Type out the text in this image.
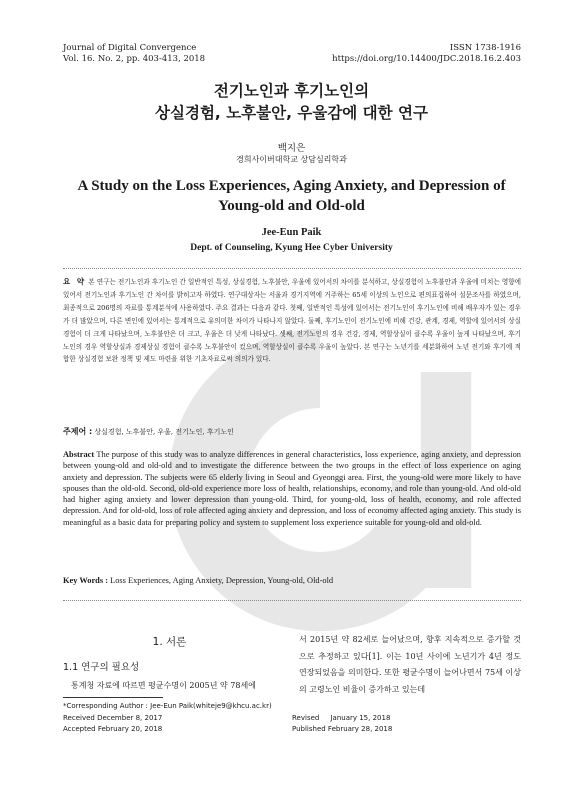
Journal of Digital Convergence
Vol. 16. No. 2, pp. 403-413, 2018
ISSN 1738-1916
https://doi.org/10.14400/JDC.2018.16.2.403
전기노인과 후기노인의
상실경험, 노후불안, 우울감에 대한 연구
백지은
경희사이버대학교 상담심리학과
A Study on the Loss Experiences, Aging Anxiety, and Depression of
Young-old and Old-old
Jee-Eun Paik
Dept. of Counseling, Kyung Hee Cyber University
요 약 본 연구는 전기노인과 후기노인 간 일반적인 특성, 상실경험, 노후불안, 우울에 있어서의 차이를 분석하고, 상실경험이 노후불안과 우울에 미치는 영향에 있어서 전기노인과 후기노인 간 차이를 밝히고자 하였다. 연구대상자는 서울과 경기지역에 거주하는 65세 이상의 노인으로 편의표집하여 설문조사를 하였으며, 최종적으로 206명의 자료를 통계분석에 사용하였다. 주요 결과는 다음과 같다. 첫째, 일반적인 특성에 있어서는 전기노인이 후기노인에 비해 배우자가 있는 경우가 더 많았으며, 다른 변인에 있어서는 통계적으로 유의미한 차이가 나타나지 않았다. 둘째, 후기노인이 전기노인에 비해 건강, 관계, 경제, 역할에 있어서의 상실경험이 더 크게 나타났으며, 노후불안은 더 크고, 우울은 더 낮게 나타났다. 셋째, 전기노인의 경우 건강, 경제, 역할상실이 클수록 우울이 높게 나타났으며, 후기노인의 경우 역할상실과 경제상실 경험이 클수록 노후불안이 컸으며, 역할상실이 클수록 우울이 높았다. 본 연구는 노년기를 세분화하여 노년 전기와 후기에 적합한 상실경험 보완 정책 및 제도 마련을 위한 기초자료로써 의의가 있다.
주제어 : 상실경험, 노후불안, 우울, 전기노인, 후기노인
Abstract The purpose of this study was to analyze differences in general characteristics, loss experience, aging anxiety, and depression between young-old and old-old and to investigate the difference between the two groups in the effect of loss experience on aging anxiety and depression. The subjects were 65 elderly living in Seoul and Gyeonggi area. First, the young-old were more likely to have spouses than the old-old. Second, old-old experience more loss of health, relationships, economy, and role than young-old. And old-old had higher aging anxiety and lower depression than young-old. Third, for young-old, loss of health, economy, and role affected depression. And for old-old, loss of role affected aging anxiety and depression, and loss of economy affected aging anxiety. This study is meaningful as a basic data for preparing policy and system to supplement loss experience suitable for young-old and old-old.
Key Words : Loss Experiences, Aging Anxiety, Depression, Young-old, Old-old
1. 서론
1.1 연구의 필요성
통계청 자료에 따르면 평균수명이 2005년 약 78세에
서 2015년 약 82세로 늘어났으며, 향후 지속적으로 증가할 것으로 추정하고 있다[1]. 이는 10년 사이에 노년기가 4년 정도 연장되었음을 의미한다. 또한 평균수명이 늘어나면서 75세 이상의 고령노인 비율이 증가하고 있는데
*Corresponding Author : Jee-Eun Paik(whiteje9@khcu.ac.kr)
Received December 8, 2017
Accepted February 20, 2018
Revised     January 15, 2018
Published February 28, 2018
